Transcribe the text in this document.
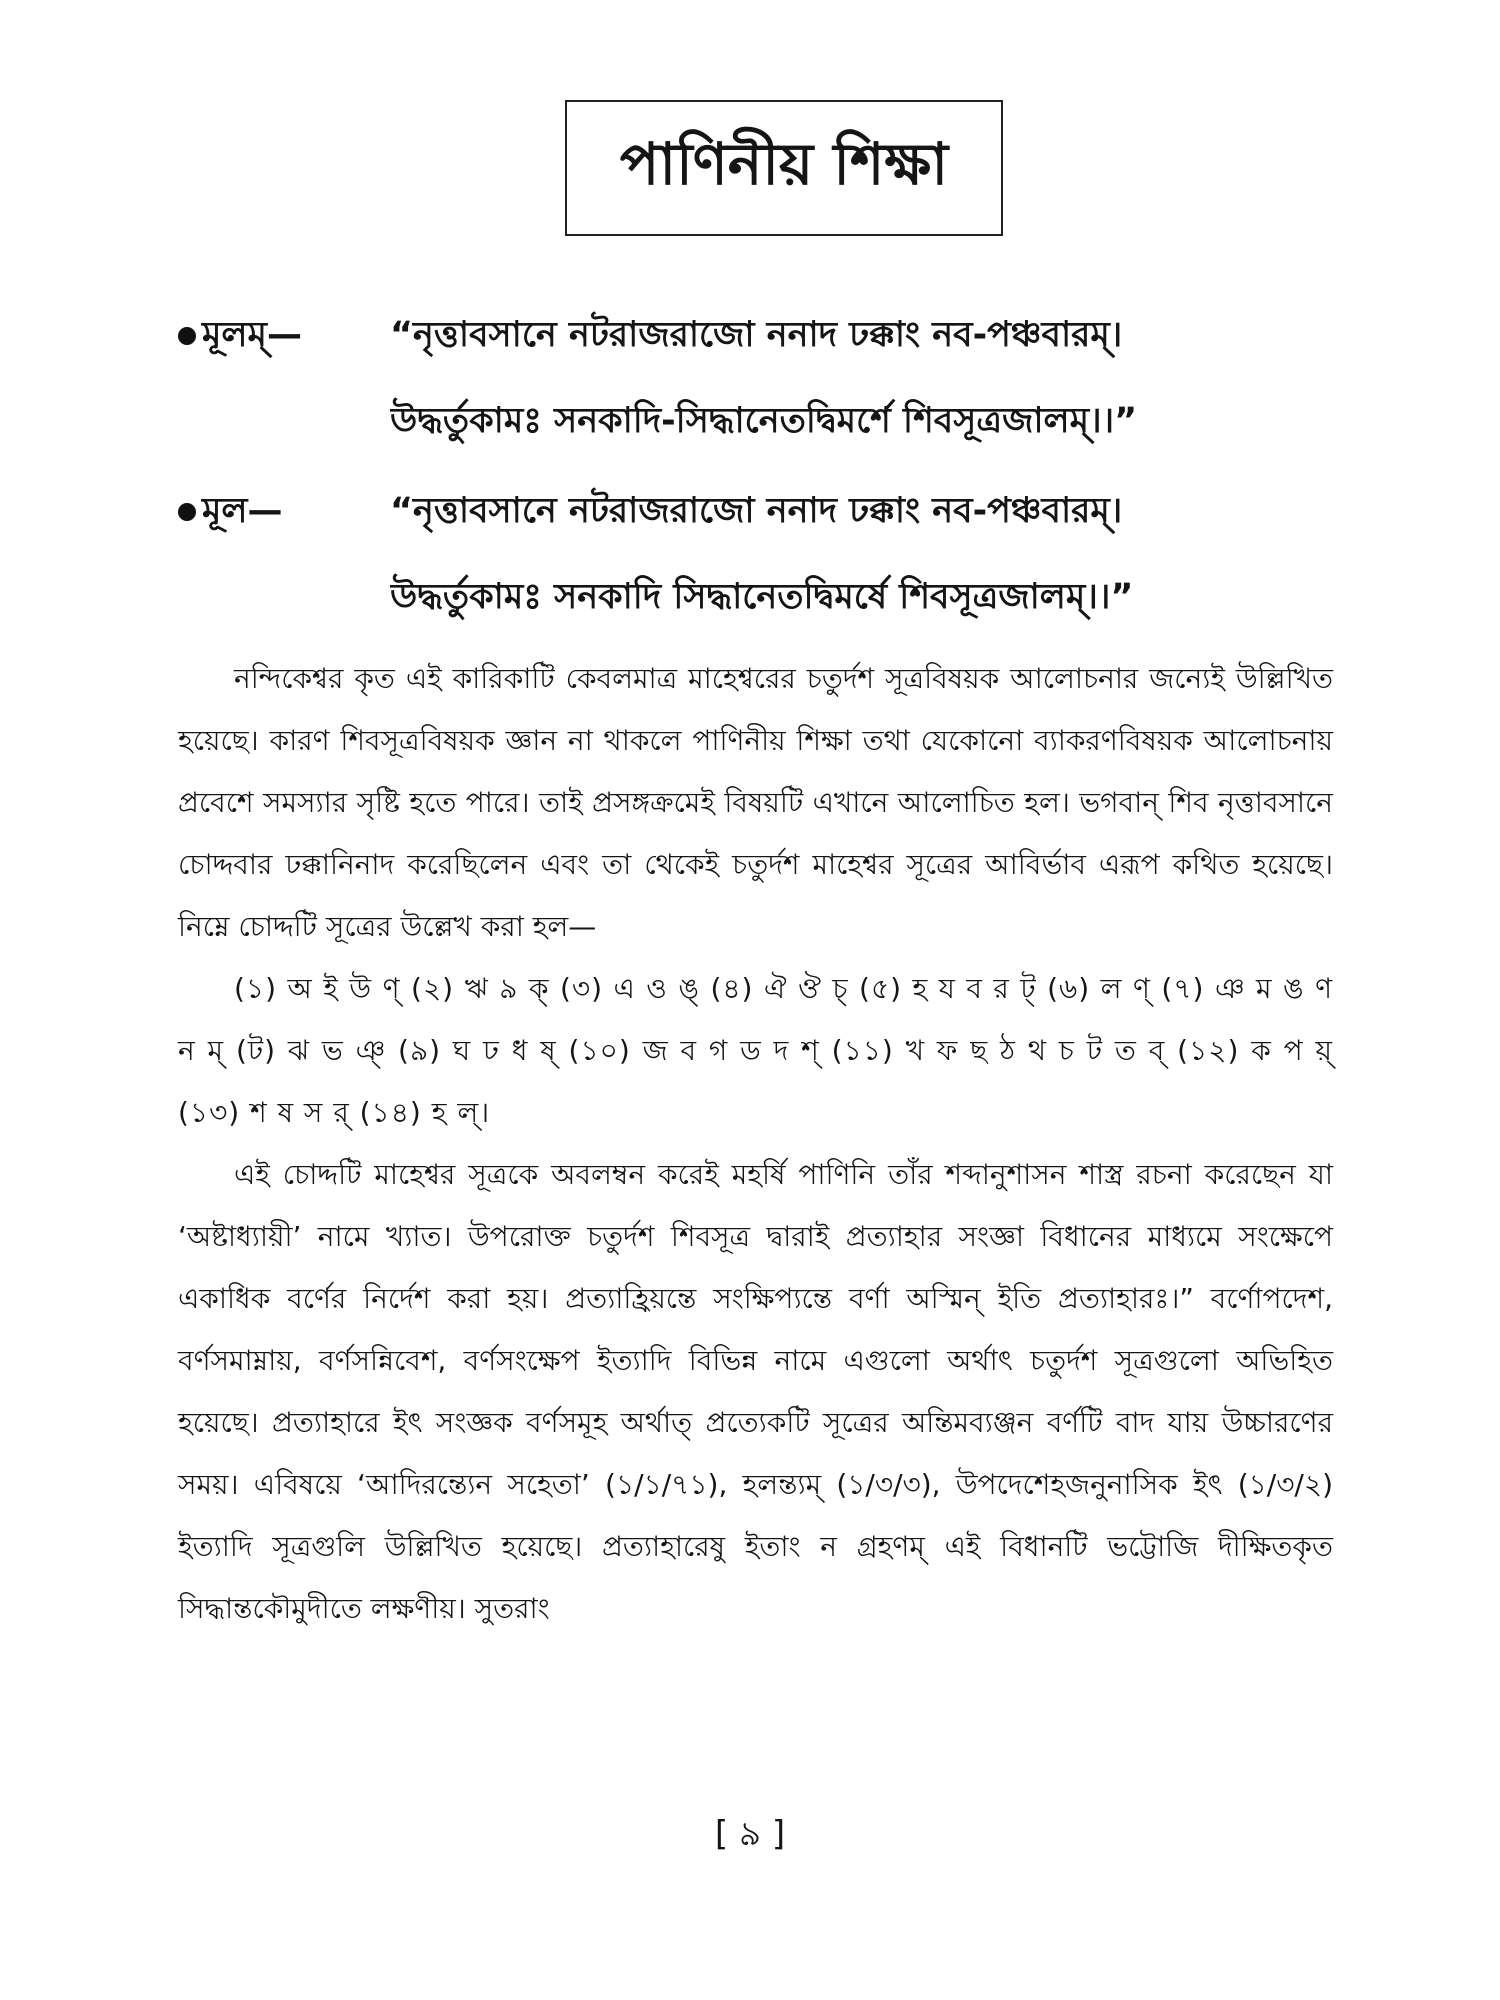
পাণিনীয় শিক্ষা
মূলম্—	“নৃত্তাবসানে নটরাজরাজো ননাদ ঢক্কাং নব-পঞ্চবারম্।
উদ্ধর্তুকামঃ সনকাদি-সিদ্ধানেতদ্বিমর্শে শিবসূত্রজালম্।।”
মূল—	“নৃত্তাবসানে নটরাজরাজো ননাদ ঢক্কাং নব-পঞ্চবারম্।
উদ্ধর্তুকামঃ সনকাদি সিদ্ধানেতদ্বিমর্ষে শিবসূত্রজালম্।।”

নন্দিকেশ্বর কৃত এই কারিকাটি কেবলমাত্র মাহেশ্বরের চতুর্দশ সূত্রবিষয়ক আলোচনার জন্যেই উল্লিখিত হয়েছে। কারণ শিবসূত্রবিষয়ক জ্ঞান না থাকলে পাণিনীয় শিক্ষা তথা যেকোনো ব্যাকরণবিষয়ক আলোচনায় প্রবেশে সমস্যার সৃষ্টি হতে পারে। তাই প্রসঙ্গক্রমেই বিষয়টি এখানে আলোচিত হল। ভগবান্ শিব নৃত্তাবসানে চোদ্দবার ঢক্কানিনাদ করেছিলেন এবং তা থেকেই চতুর্দশ মাহেশ্বর সূত্রের আবির্ভাব এরূপ কথিত হয়েছে। নিম্নে চোদ্দটি সূত্রের উল্লেখ করা হল—

(১) অ ই উ ণ্ (২) ঋ ৯ ক্ (৩) এ ও ঙ্ (৪) ঐ ঔ চ্ (৫) হ য ব র ট্ (৬) ল ণ্ (৭) ঞ ম ঙ ণ ন ম্ (ট) ঝ ভ ঞ্ (৯) ঘ ঢ ধ ষ্ (১০) জ ব গ ড দ শ্ (১১) খ ফ ছ ঠ থ চ ট ত ব্ (১২) ক প য়্ (১৩) শ ষ স র্ (১৪) হ ল্।

এই চোদ্দটি মাহেশ্বর সূত্রকে অবলম্বন করেই মহর্ষি পাণিনি তাঁর শব্দানুশাসন শাস্ত্র রচনা করেছেন যা ‘অষ্টাধ্যায়ী’ নামে খ্যাত। উপরোক্ত চতুর্দশ শিবসূত্র দ্বারাই প্রত্যাহার সংজ্ঞা বিধানের মাধ্যমে সংক্ষেপে একাধিক বর্ণের নির্দেশ করা হয়। প্রত্যাহ্রিয়ন্তে সংক্ষিপ্যন্তে বর্ণা অস্মিন্ ইতি প্রত্যাহারঃ।” বর্ণোপদেশ, বর্ণসমাম্নায়, বর্ণসন্নিবেশ, বর্ণসংক্ষেপ ইত্যাদি বিভিন্ন নামে এগুলো অর্থাৎ চতুর্দশ সূত্রগুলো অভিহিত হয়েছে। প্রত্যাহারে ইৎ সংজ্ঞক বর্ণসমূহ অর্থাত্ প্রত্যেকটি সূত্রের অন্তিমব্যঞ্জন বর্ণটি বাদ যায় উচ্চারণের সময়। এবিষয়ে ‘আদিরন্ত্যেন সহেতা’ (১/১/৭১), হলন্ত্যম্ (১/৩/৩), উপদেশেহজনুনাসিক ইৎ (১/৩/২) ইত্যাদি সূত্রগুলি উল্লিখিত হয়েছে। প্রত্যাহারেষু ইতাং ন গ্রহণম্ এই বিধানটি ভট্টোজি দীক্ষিতকৃত সিদ্ধান্তকৌমুদীতে লক্ষণীয়। সুতরাং

[ ৯ ]
